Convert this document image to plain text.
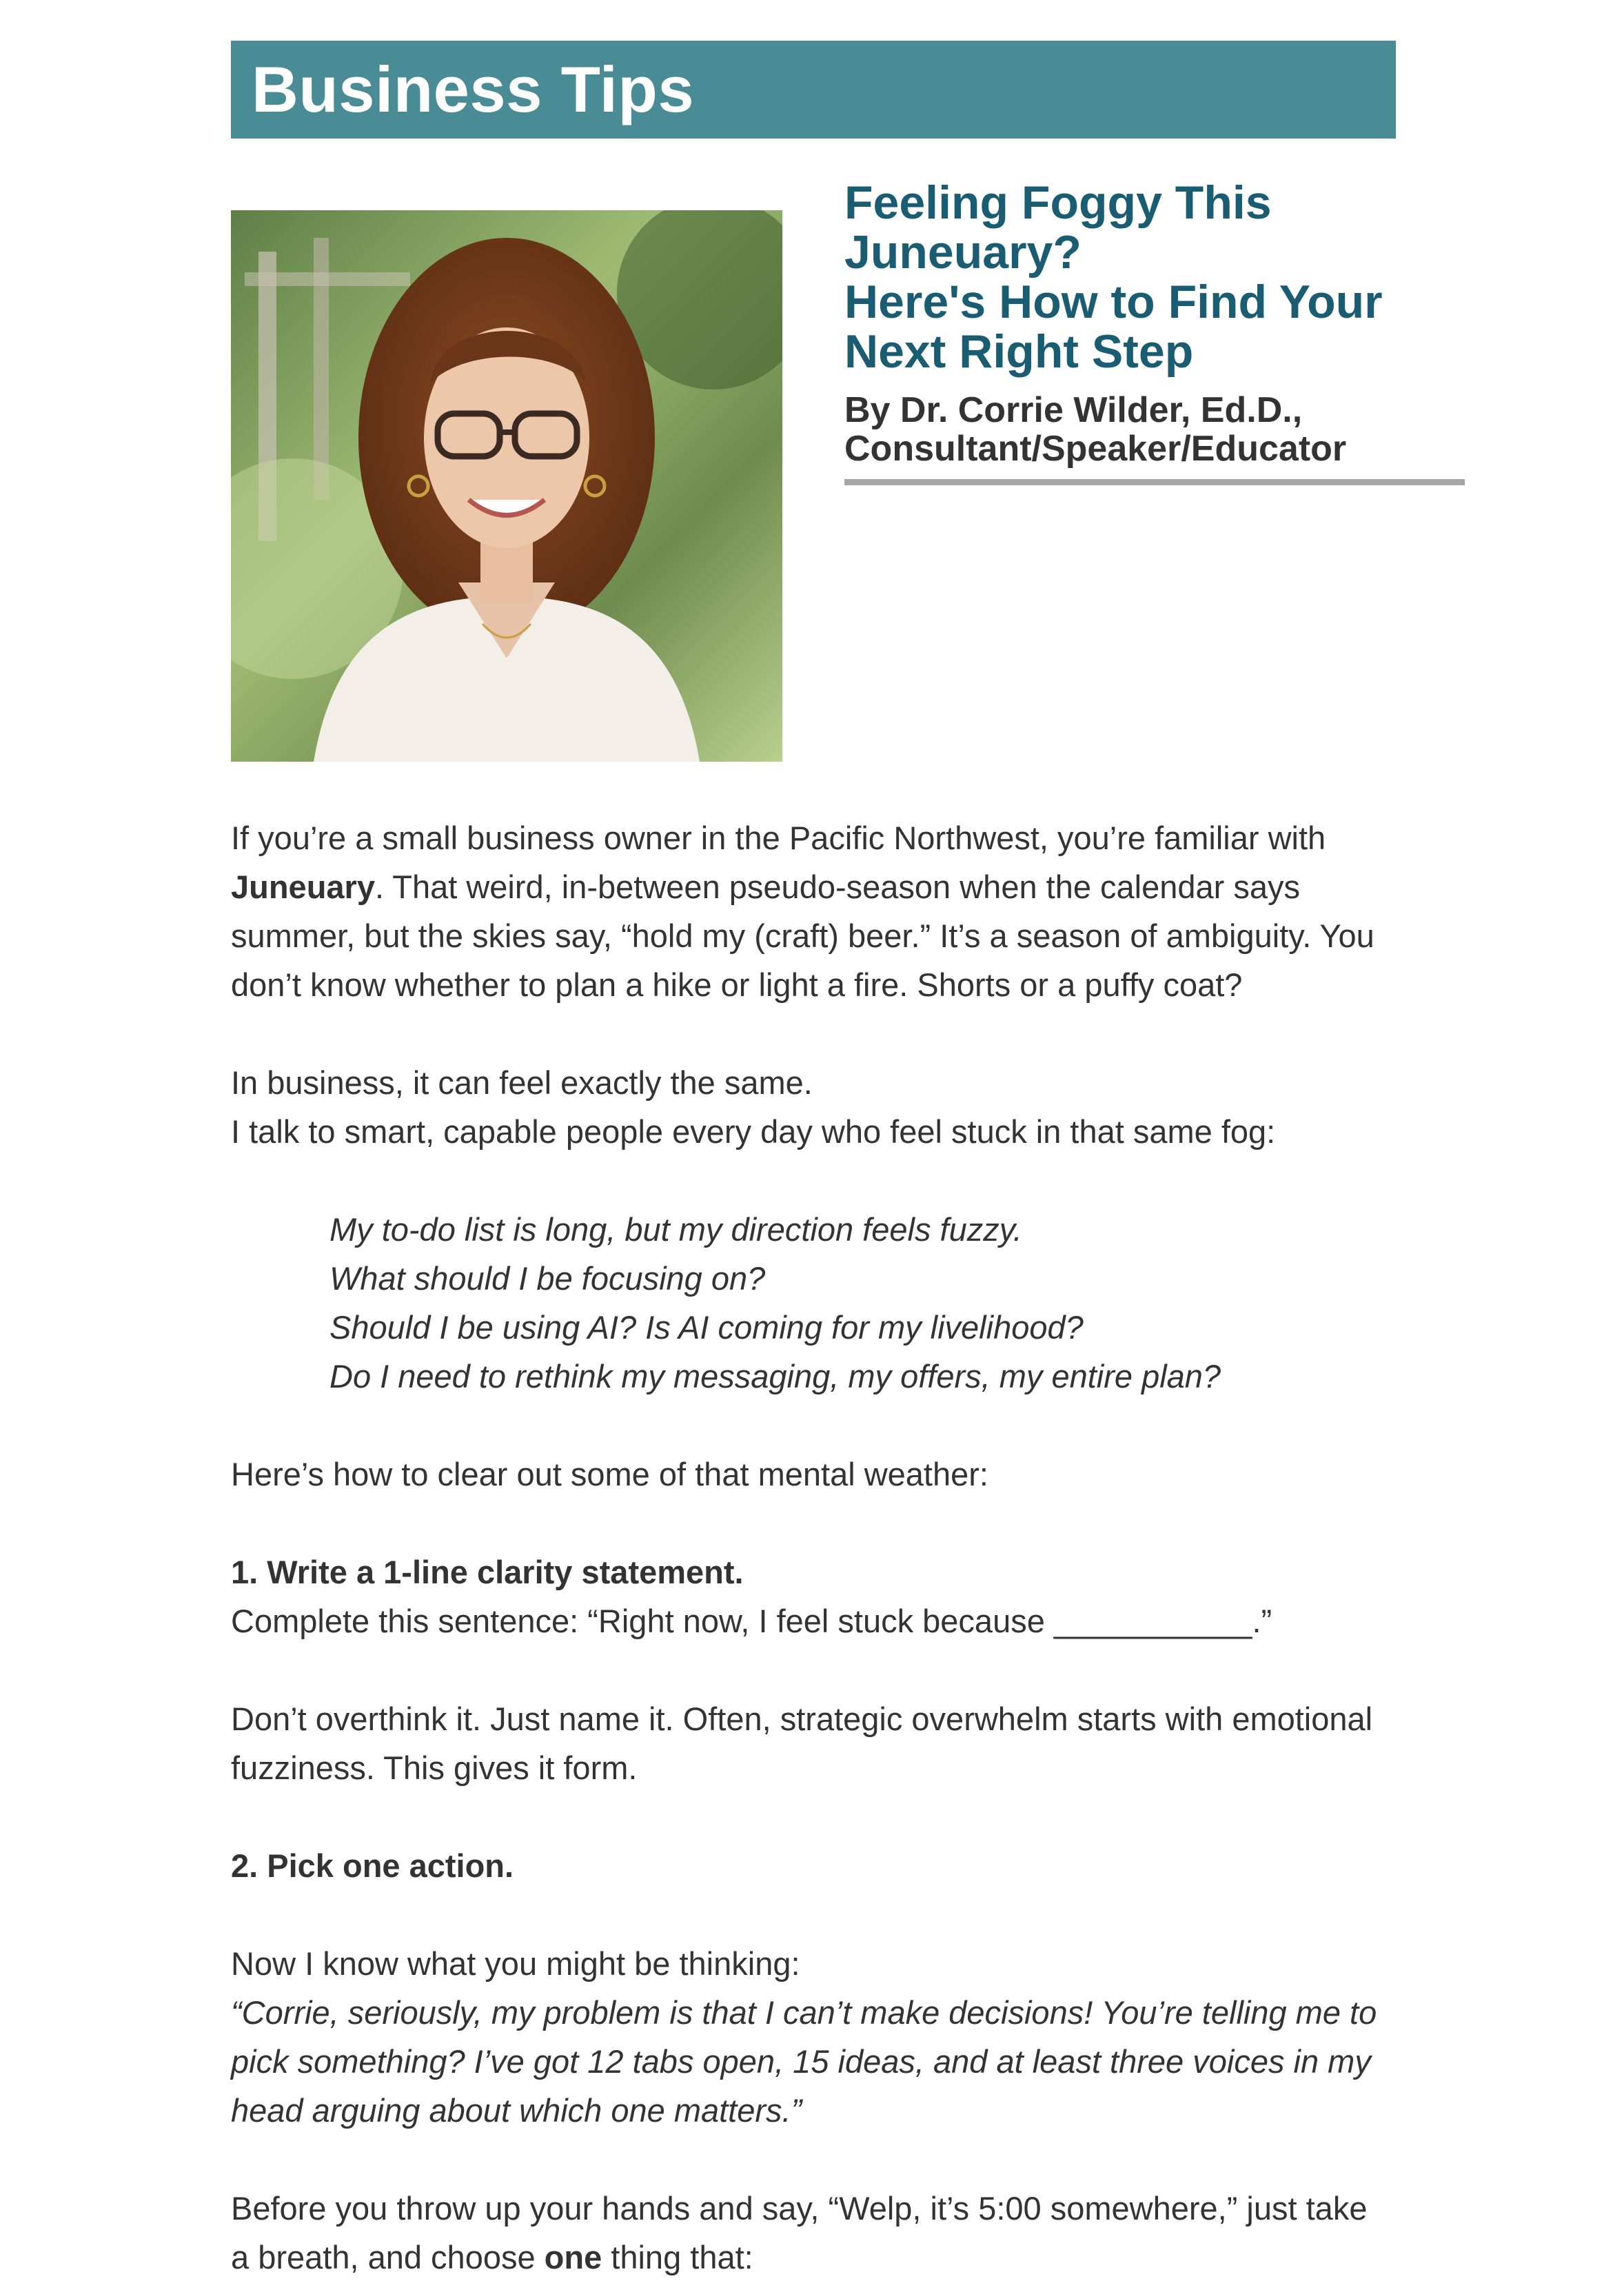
Business Tips
Feeling Foggy This
Juneuary?
Here's How to Find Your
Next Right Step
By Dr. Corrie Wilder, Ed.D.,
Consultant/Speaker/Educator

If you’re a small business owner in the Pacific Northwest, you’re familiar with

Juneuary. That weird, in-between pseudo-season when the calendar says

summer, but the skies say, “hold my (craft) beer.” It’s a season of ambiguity. You

don’t know whether to plan a hike or light a fire. Shorts or a puffy coat?

In business, it can feel exactly the same.

I talk to smart, capable people every day who feel stuck in that same fog:

My to-do list is long, but my direction feels fuzzy.

What should I be focusing on?

Should I be using AI? Is AI coming for my livelihood?

Do I need to rethink my messaging, my offers, my entire plan?

Here’s how to clear out some of that mental weather:

1. Write a 1-line clarity statement.

Complete this sentence: “Right now, I feel stuck because ___________.”

Don’t overthink it. Just name it. Often, strategic overwhelm starts with emotional

fuzziness. This gives it form.

2. Pick one action.

Now I know what you might be thinking:

“Corrie, seriously, my problem is that I can’t make decisions! You’re telling me to

pick something? I’ve got 12 tabs open, 15 ideas, and at least three voices in my

head arguing about which one matters.”

Before you throw up your hands and say, “Welp, it’s 5:00 somewhere,” just take

a breath, and choose one thing that:
